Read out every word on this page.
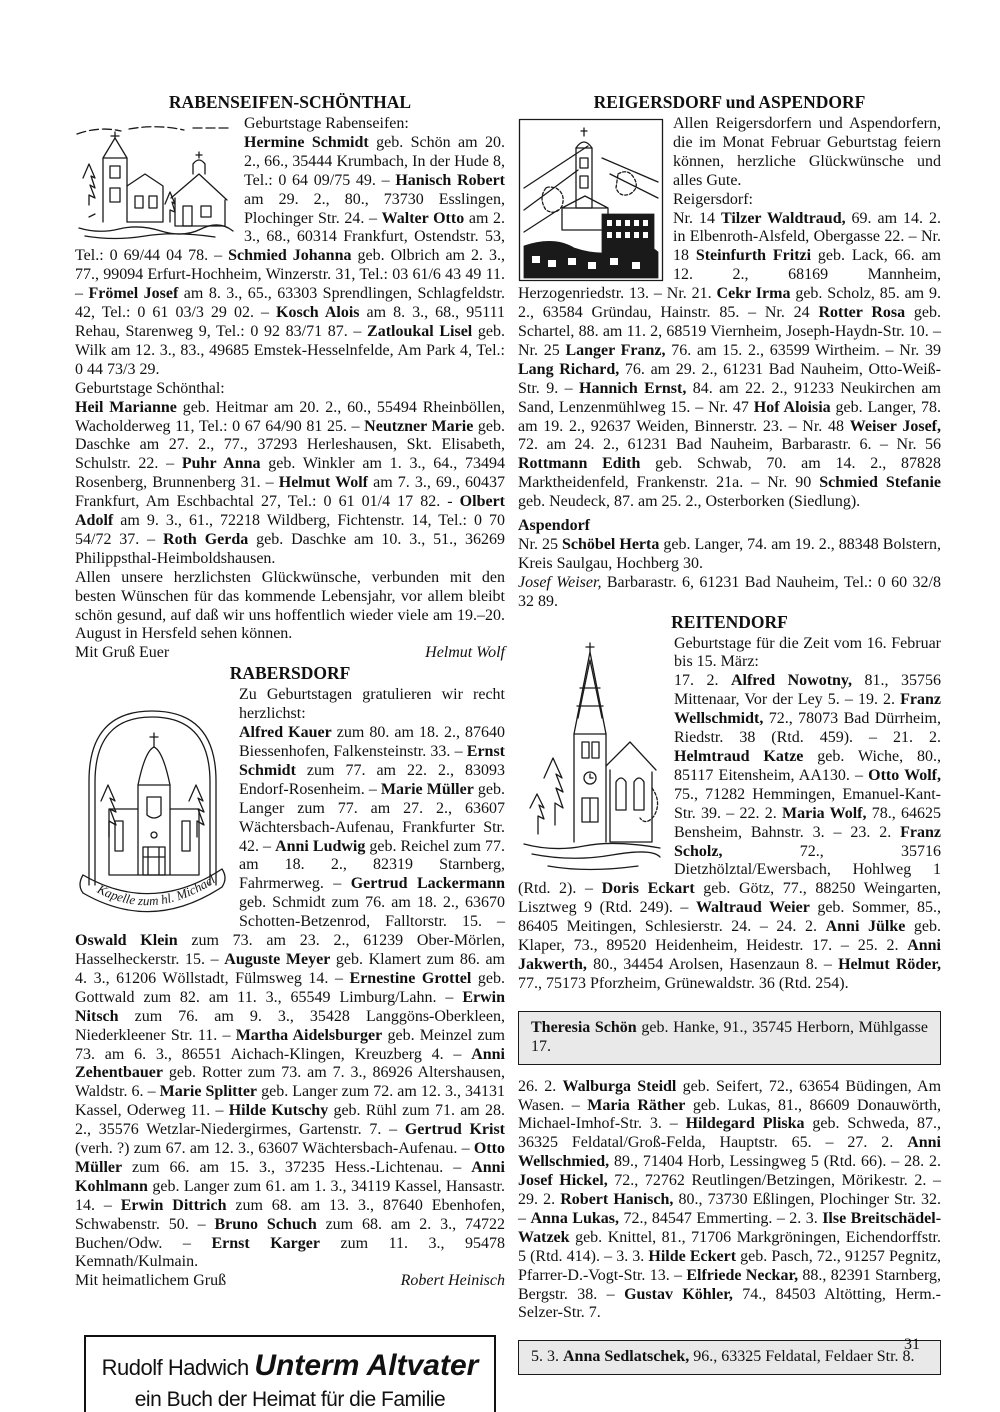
RABENSEIFEN-SCHÖNTHAL

Geburtstage Rabenseifen:

Hermine Schmidt geb. Schön am 20. 2., 66., 35444 Krumbach, In der Hude 8, Tel.: 0 64 09/75 49. – Hanisch Robert am 29. 2., 80., 73730 Esslingen, Plochinger Str. 24. – Walter Otto am 2. 3., 68., 60314 Frankfurt, Ostendstr. 53, Tel.: 0 69/44 04 78. – Schmied Johanna geb. Olbrich am 2. 3., 77., 99094 Erfurt-Hochheim, Winzerstr. 31, Tel.: 03 61/6 43 49 11. – Frömel Josef am 8. 3., 65., 63303 Sprendlingen, Schlagfeldstr. 42, Tel.: 0 61 03/3 29 02. – Kosch Alois am 8. 3., 68., 95111 Rehau, Starenweg 9, Tel.: 0 92 83/71 87. – Zatloukal Lisel geb. Wilk am 12. 3., 83., 49685 Emstek-Hesselnfelde, Am Park 4, Tel.: 0 44 73/3 29.

Geburtstage Schönthal:

Heil Marianne geb. Heitmar am 20. 2., 60., 55494 Rheinböllen, Wacholderweg 11, Tel.: 0 67 64/90 81 25. – Neutzner Marie geb. Daschke am 27. 2., 77., 37293 Herleshausen, Skt. Elisabeth, Schulstr. 22. – Puhr Anna geb. Winkler am 1. 3., 64., 73494 Rosenberg, Brunnenberg 31. – Helmut Wolf am 7. 3., 69., 60437 Frankfurt, Am Eschbachtal 27, Tel.: 0 61 01/4 17 82. - Olbert Adolf am 9. 3., 61., 72218 Wildberg, Fichtenstr. 14, Tel.: 0 70 54/72 37. – Roth Gerda geb. Daschke am 10. 3., 51., 36269 Philippsthal-Heimboldshausen.

Allen unsere herzlichsten Glückwünsche, verbunden mit den besten Wünschen für das kommende Lebensjahr, vor allem bleibt schön gesund, auf daß wir uns hoffentlich wieder viele am 19.–20. August in Hersfeld sehen können.

Mit Gruß Euer	Helmut Wolf
RABERSDORF
Kapelle zum hl. Michael

Zu Geburtstagen gratulieren wir recht herzlichst:

Alfred Kauer zum 80. am 18. 2., 87640 Biessenhofen, Falkensteinstr. 33. – Ernst Schmidt zum 77. am 22. 2., 83093 Endorf-Rosenheim. – Marie Müller geb. Langer zum 77. am 27. 2., 63607 Wächtersbach-Aufenau, Frankfurter Str. 42. – Anni Ludwig geb. Reichel zum 77. am 18. 2., 82319 Starnberg, Fahrmerweg. – Gertrud Lackermann geb. Schmidt zum 76. am 18. 2., 63670 Schotten-Betzenrod, Falltorstr. 15. – Oswald Klein zum 73. am 23. 2., 61239 Ober-Mörlen, Hasselheckerstr. 15. – Auguste Meyer geb. Klamert zum 86. am 4. 3., 61206 Wöllstadt, Fülmsweg 14. – Ernestine Grottel geb. Gottwald zum 82. am 11. 3., 65549 Limburg/Lahn. – Erwin Nitsch zum 76. am 9. 3., 35428 Langgöns-Oberkleen, Niederkleener Str. 11. – Martha Aidelsburger geb. Meinzel zum 73. am 6. 3., 86551 Aichach-Klingen, Kreuzberg 4. – Anni Zehentbauer geb. Rotter zum 73. am 7. 3., 86926 Altershausen, Waldstr. 6. – Marie Splitter geb. Langer zum 72. am 12. 3., 34131 Kassel, Oderweg 11. – Hilde Kutschy geb. Rühl zum 71. am 28. 2., 35576 Wetzlar-Niedergirmes, Gartenstr. 7. – Gertrud Krist (verh. ?) zum 67. am 12. 3., 63607 Wächtersbach-Aufenau. – Otto Müller zum 66. am 15. 3., 37235 Hess.-Lichtenau. – Anni Kohlmann geb. Langer zum 61. am 1. 3., 34119 Kassel, Hansastr. 14. – Erwin Dittrich zum 68. am 13. 3., 87640 Ebenhofen, Schwabenstr. 50. – Bruno Schuch zum 68. am 2. 3., 74722 Buchen/Odw. – Ernst Karger zum 11. 3., 95478 Kemnath/Kulmain.

Mit heimatlichem Gruß	Robert Heinisch
Rudolf Hadwich Unterm Altvater
ein Buch der Heimat für die Familie
REIGERSDORF und ASPENDORF

Allen Reigersdorfern und Aspendorfern, die im Monat Februar Geburtstag feiern können, herzliche Glückwünsche und alles Gute.

Reigersdorf:

Nr. 14 Tilzer Waldtraud, 69. am 14. 2. in Elbenroth-Alsfeld, Obergasse 22. – Nr. 18 Steinfurth Fritzi geb. Lack, 66. am 12. 2., 68169 Mannheim, Herzogenriedstr. 13. – Nr. 21. Cekr Irma geb. Scholz, 85. am 9. 2., 63584 Gründau, Hainstr. 85. – Nr. 24 Rotter Rosa geb. Schartel, 88. am 11. 2, 68519 Viernheim, Joseph-Haydn-Str. 10. – Nr. 25 Langer Franz, 76. am 15. 2., 63599 Wirtheim. – Nr. 39 Lang Richard, 76. am 29. 2., 61231 Bad Nauheim, Otto-Weiß-Str. 9. – Hannich Ernst, 84. am 22. 2., 91233 Neukirchen am Sand, Lenzenmühlweg 15. – Nr. 47 Hof Aloisia geb. Langer, 78. am 19. 2., 92637 Weiden, Binnerstr. 23. – Nr. 48 Weiser Josef, 72. am 24. 2., 61231 Bad Nauheim, Barbarastr. 6. – Nr. 56 Rottmann Edith geb. Schwab, 70. am 14. 2., 87828 Marktheidenfeld, Frankenstr. 21a. – Nr. 90 Schmied Stefanie geb. Neudeck, 87. am 25. 2., Osterborken (Siedlung).

Aspendorf

Nr. 25 Schöbel Herta geb. Langer, 74. am 19. 2., 88348 Bolstern, Kreis Saulgau, Hochberg 30.

Josef Weiser, Barbarastr. 6, 61231 Bad Nauheim, Tel.: 0 60 32/8 32 89.

REITENDORF

Geburtstage für die Zeit vom 16. Februar bis 15. März:

17. 2. Alfred Nowotny, 81., 35756 Mittenaar, Vor der Ley 5. – 19. 2. Franz Wellschmidt, 72., 78073 Bad Dürrheim, Riedstr. 38 (Rtd. 459). – 21. 2. Helmtraud Katze geb. Wiche, 80., 85117 Eitensheim, AA130. – Otto Wolf, 75., 71282 Hemmingen, Emanuel-Kant-Str. 39. – 22. 2. Maria Wolf, 78., 64625 Bensheim, Bahnstr. 3. – 23. 2. Franz Scholz, 72., 35716 Dietzhölztal/Ewersbach, Hohlweg 1 (Rtd. 2). – Doris Eckart geb. Götz, 77., 88250 Weingarten, Lisztweg 9 (Rtd. 249). – Waltraud Weier geb. Sommer, 85., 86405 Meitingen, Schlesierstr. 24. – 24. 2. Anni Jülke geb. Klaper, 73., 89520 Heidenheim, Heidestr. 17. – 25. 2. Anni Jakwerth, 80., 34454 Arolsen, Hasenzaun 8. – Helmut Röder, 77., 75173 Pforzheim, Grünewaldstr. 36 (Rtd. 254).

Theresia Schön geb. Hanke, 91., 35745 Herborn, Mühlgasse 17.

26. 2. Walburga Steidl geb. Seifert, 72., 63654 Büdingen, Am Wasen. – Maria Räther geb. Lukas, 81., 86609 Donauwörth, Michael-Imhof-Str. 3. – Hildegard Pliska geb. Schweda, 87., 36325 Feldatal/Groß-Felda, Hauptstr. 65. – 27. 2. Anni Wellschmied, 89., 71404 Horb, Lessingweg 5 (Rtd. 66). – 28. 2. Josef Hickel, 72., 72762 Reutlingen/Betzingen, Mörikestr. 2. – 29. 2. Robert Hanisch, 80., 73730 Eßlingen, Plochinger Str. 32. – Anna Lukas, 72., 84547 Emmerting. – 2. 3. Ilse Breitschädel-Watzek geb. Knittel, 81., 71706 Markgröningen, Eichendorffstr. 5 (Rtd. 414). – 3. 3. Hilde Eckert geb. Pasch, 72., 91257 Pegnitz, Pfarrer-D.-Vogt-Str. 13. – Elfriede Neckar, 88., 82391 Starnberg, Bergstr. 38. – Gustav Köhler, 74., 84503 Altötting, Herm.-Selzer-Str. 7.

5. 3. Anna Sedlatschek, 96., 63325 Feldatal, Feldaer Str. 8.

31
